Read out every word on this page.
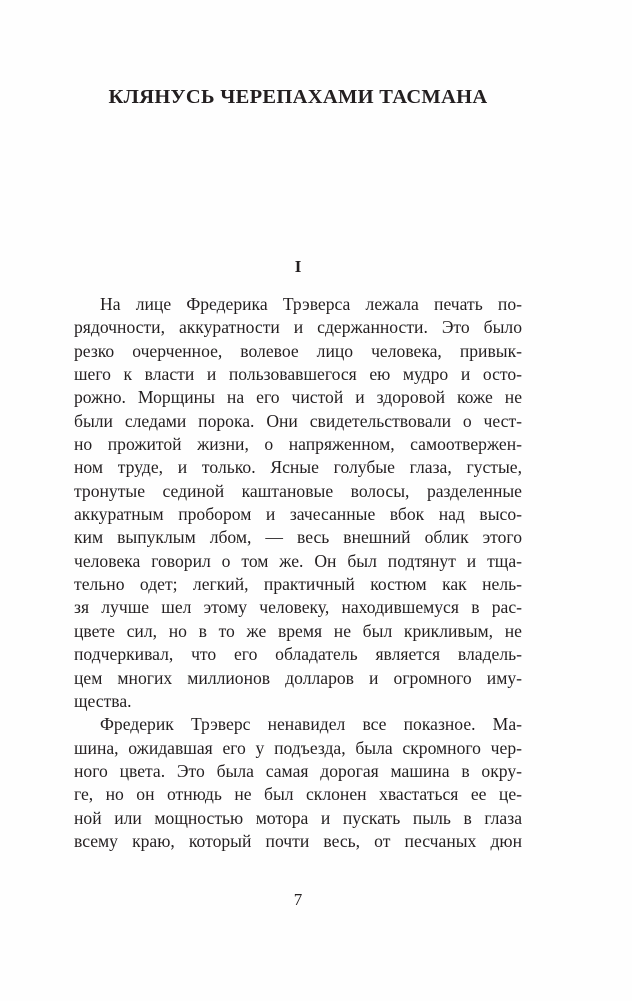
КЛЯНУСЬ ЧЕРЕПАХАМИ ТАСМАНА
I
На лице Фредерика Трэверса лежала печать по-
рядочности, аккуратности и сдержанности. Это было
резко очерченное, волевое лицо человека, привык-
шего к власти и пользовавшегося ею мудро и осто-
рожно. Морщины на его чистой и здоровой коже не
были следами порока. Они свидетельствовали о чест-
но прожитой жизни, о напряженном, самоотвержен-
ном труде, и только. Ясные голубые глаза, густые,
тронутые сединой каштановые волосы, разделенные
аккуратным пробором и зачесанные вбок над высо-
ким выпуклым лбом, — весь внешний облик этого
человека говорил о том же. Он был подтянут и тща-
тельно одет; легкий, практичный костюм как нель-
зя лучше шел этому человеку, находившемуся в рас-
цвете сил, но в то же время не был крикливым, не
подчеркивал, что его обладатель является владель-
цем многих миллионов долларов и огромного иму-
щества.
Фредерик Трэверс ненавидел все показное. Ма-
шина, ожидавшая его у подъезда, была скромного чер-
ного цвета. Это была самая дорогая машина в окру-
ге, но он отнюдь не был склонен хвастаться ее це-
ной или мощностью мотора и пускать пыль в глаза
всему краю, который почти весь, от песчаных дюн
7
